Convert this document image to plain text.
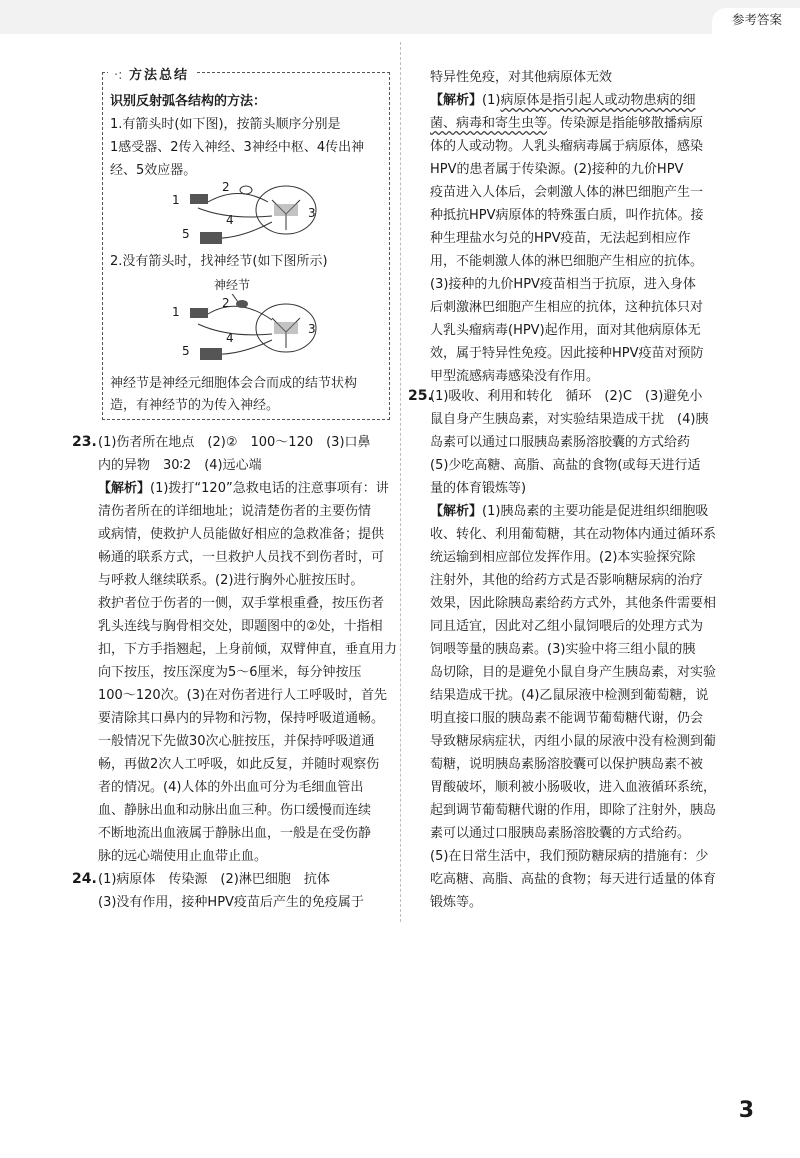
参考答案
·: 方法总结
识别反射弧各结构的方法：
1.有箭头时(如下图)，按箭头顺序分别是
1感受器、2传入神经、3神经中枢、4传出神
经、5效应器。
1
2
3
4
5
2.没有箭头时，找神经节(如下图所示)
神经节
1
2
3
4
5
神经节是神经元细胞体会合而成的结节状构
造，有神经节的为传入神经。
23. (1)伤者所在地点　(2)②　100～120　(3)口鼻
内的异物　30∶2　(4)远心端
【解析】(1)拨打“120”急救电话的注意事项有：讲
清伤者所在的详细地址；说清楚伤者的主要伤情
或病情，使救护人员能做好相应的急救准备；提供
畅通的联系方式，一旦救护人员找不到伤者时，可
与呼救人继续联系。(2)进行胸外心脏按压时。
救护者位于伤者的一侧，双手掌根重叠，按压伤者
乳头连线与胸骨相交处，即题图中的②处，十指相
扣，下方手指翘起，上身前倾，双臂伸直，垂直用力
向下按压，按压深度为5～6厘米，每分钟按压
100～120次。(3)在对伤者进行人工呼吸时，首先
要清除其口鼻内的异物和污物，保持呼吸道通畅。
一般情况下先做30次心脏按压，并保持呼吸道通
畅，再做2次人工呼吸，如此反复，并随时观察伤
者的情况。(4)人体的外出血可分为毛细血管出
血、静脉出血和动脉出血三种。伤口缓慢而连续
不断地流出血液属于静脉出血，一般是在受伤静
脉的远心端使用止血带止血。
24. (1)病原体　传染源　(2)淋巴细胞　抗体
(3)没有作用，接种HPV疫苗后产生的免疫属于
特异性免疫，对其他病原体无效
【解析】(1)病原体是指引起人或动物患病的细
菌、病毒和寄生虫等。传染源是指能够散播病原
体的人或动物。人乳头瘤病毒属于病原体，感染
HPV的患者属于传染源。(2)接种的九价HPV
疫苗进入人体后，会刺激人体的淋巴细胞产生一
种抵抗HPV病原体的特殊蛋白质，叫作抗体。接
种生理盐水匀兑的HPV疫苗，无法起到相应作
用，不能刺激人体的淋巴细胞产生相应的抗体。
(3)接种的九价HPV疫苗相当于抗原，进入身体
后刺激淋巴细胞产生相应的抗体，这种抗体只对
人乳头瘤病毒(HPV)起作用，面对其他病原体无
效，属于特异性免疫。因此接种HPV疫苗对预防
甲型流感病毒感染没有作用。
25.
(1)吸收、利用和转化　循环　(2)C　(3)避免小
鼠自身产生胰岛素，对实验结果造成干扰　(4)胰
岛素可以通过口服胰岛素肠溶胶囊的方式给药
(5)少吃高糖、高脂、高盐的食物(或每天进行适
量的体育锻炼等)
【解析】(1)胰岛素的主要功能是促进组织细胞吸
收、转化、利用葡萄糖，其在动物体内通过循环系
统运输到相应部位发挥作用。(2)本实验探究除
注射外，其他的给药方式是否影响糖尿病的治疗
效果，因此除胰岛素给药方式外，其他条件需要相
同且适宜，因此对乙组小鼠饲喂后的处理方式为
饲喂等量的胰岛素。(3)实验中将三组小鼠的胰
岛切除，目的是避免小鼠自身产生胰岛素，对实验
结果造成干扰。(4)乙鼠尿液中检测到葡萄糖，说
明直接口服的胰岛素不能调节葡萄糖代谢，仍会
导致糖尿病症状，丙组小鼠的尿液中没有检测到葡
萄糖，说明胰岛素肠溶胶囊可以保护胰岛素不被
胃酸破坏，顺利被小肠吸收，进入血液循环系统，
起到调节葡萄糖代谢的作用，即除了注射外，胰岛
素可以通过口服胰岛素肠溶胶囊的方式给药。
(5)在日常生活中，我们预防糖尿病的措施有：少
吃高糖、高脂、高盐的食物；每天进行适量的体育
锻炼等。
3
